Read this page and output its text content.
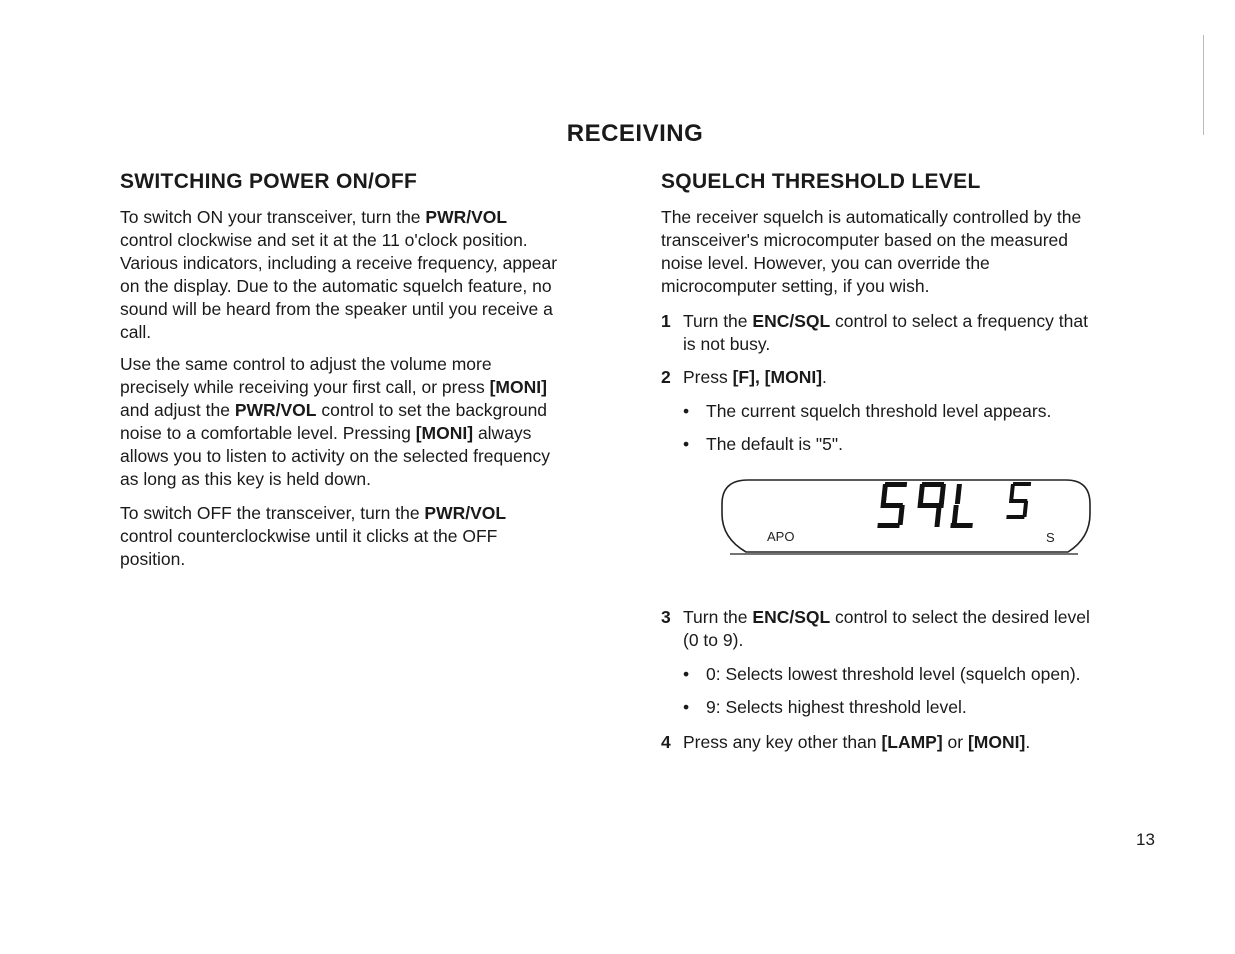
RECEIVING
SWITCHING POWER ON/OFF
To switch ON your transceiver, turn the PWR/VOL
control clockwise and set it at the 11 o'clock position.
Various indicators, including a receive frequency, appear
on the display. Due to the automatic squelch feature, no
sound will be heard from the speaker until you receive a
call.
Use the same control to adjust the volume more
precisely while receiving your first call, or press [MONI]
and adjust the PWR/VOL control to set the background
noise to a comfortable level. Pressing [MONI] always
allows you to listen to activity on the selected frequency
as long as this key is held down.
To switch OFF the transceiver, turn the PWR/VOL
control counterclockwise until it clicks at the OFF
position.
SQUELCH THRESHOLD LEVEL
The receiver squelch is automatically controlled by the
transceiver's microcomputer based on the measured
noise level. However, you can override the
microcomputer setting, if you wish.
1 Turn the ENC/SQL control to select a frequency that
is not busy.
2 Press [F], [MONI].
• The current squelch threshold level appears.
• The default is "5".
APO	S
3 Turn the ENC/SQL control to select the desired level
(0 to 9).
• 0: Selects lowest threshold level (squelch open).
• 9: Selects highest threshold level.
4 Press any key other than [LAMP] or [MONI].
13
